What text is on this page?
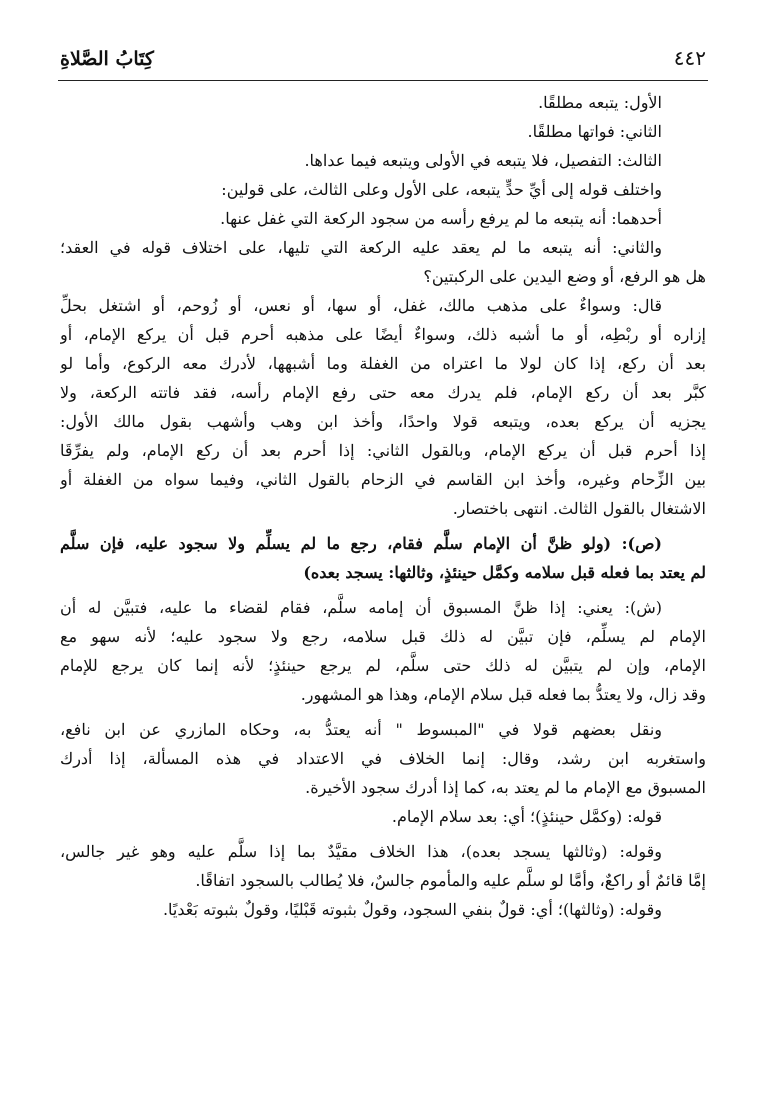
٤٤٢
كِتَابُ الصَّلاةِ
الأول: يتبعه مطلقًا.
الثاني: فواتها مطلقًا.
الثالث: التفصيل، فلا يتبعه في الأولى ويتبعه فيما عداها.
واختلف قوله إلى أيِّ حدٍّ يتبعه، على الأول وعلى الثالث، على قولين:
أحدهما: أنه يتبعه ما لم يرفع رأسه من سجود الركعة التي غفل عنها.
والثاني: أنه يتبعه ما لم يعقد عليه الركعة التي تليها، على اختلاف قوله في العقد؛
هل هو الرفع، أو وضع اليدين على الركبتين؟
قال: وسواءٌ على مذهب مالك، غفل، أو سها، أو نعس، أو زُوحم، أو اشتغل بحلِّ
إزاره أو ربْطِه، أو ما أشبه ذلك، وسواءٌ أيضًا على مذهبه أحرم قبل أن يركع الإمام، أو
بعد أن ركع، إذا كان لولا ما اعتراه من الغفلة وما أشبهها، لأدرك معه الركوع، وأما لو
كبَّر بعد أن ركع الإمام، فلم يدرك معه حتى رفع الإمام رأسه، فقد فاتته الركعة، ولا
يجزيه أن يركع بعده، ويتبعه قولا واحدًا، وأخذ ابن وهب وأشهب بقول مالك الأول:
إذا أحرم قبل أن يركع الإمام، وبالقول الثاني: إذا أحرم بعد أن ركع الإمام، ولم يفرِّقَا
بين الزِّحام وغيره، وأخذ ابن القاسم في الزحام بالقول الثاني، وفيما سواه من الغفلة أو
الاشتغال بالقول الثالث. انتهى باختصار.
(ص): (ولو ظنَّ أن الإمام سلَّم فقام، رجع ما لم يسلِّم ولا سجود عليه، فإن سلَّم
لم يعتد بما فعله قبل سلامه وكمَّل حينئذٍ، وثالثها: يسجد بعده)
(ش): يعني: إذا ظنَّ المسبوق أن إمامه سلَّم، فقام لقضاء ما عليه، فتبيَّن له أن
الإمام لم يسلِّم، فإن تبيَّن له ذلك قبل سلامه، رجع ولا سجود عليه؛ لأنه سهو مع
الإمام، وإن لم يتبيَّن له ذلك حتى سلَّم، لم يرجع حينئذٍ؛ لأنه إنما كان يرجع للإمام
وقد زال، ولا يعتدُّ بما فعله قبل سلام الإمام، وهذا هو المشهور.
ونقل بعضهم قولا في "المبسوط " أنه يعتدُّ به، وحكاه المازري عن ابن نافع،
واستغربه ابن رشد، وقال: إنما الخلاف في الاعتداد في هذه المسألة، إذا أدرك
المسبوق مع الإمام ما لم يعتد به، كما إذا أدرك سجود الأخيرة.
قوله: (وكمَّل حينئذٍ)؛ أي: بعد سلام الإمام.
وقوله: (وثالثها يسجد بعده)، هذا الخلاف مقيَّدٌ بما إذا سلَّم عليه وهو غير جالس،
إمَّا قائمٌ أو راكعٌ، وأمَّا لو سلَّم عليه والمأموم جالسٌ، فلا يُطالب بالسجود اتفاقًا.
وقوله: (وثالثها)؛ أي: قولٌ بنفي السجود، وقولٌ بثبوته قَبْليًا، وقولٌ بثبوته بَعْديًا.
